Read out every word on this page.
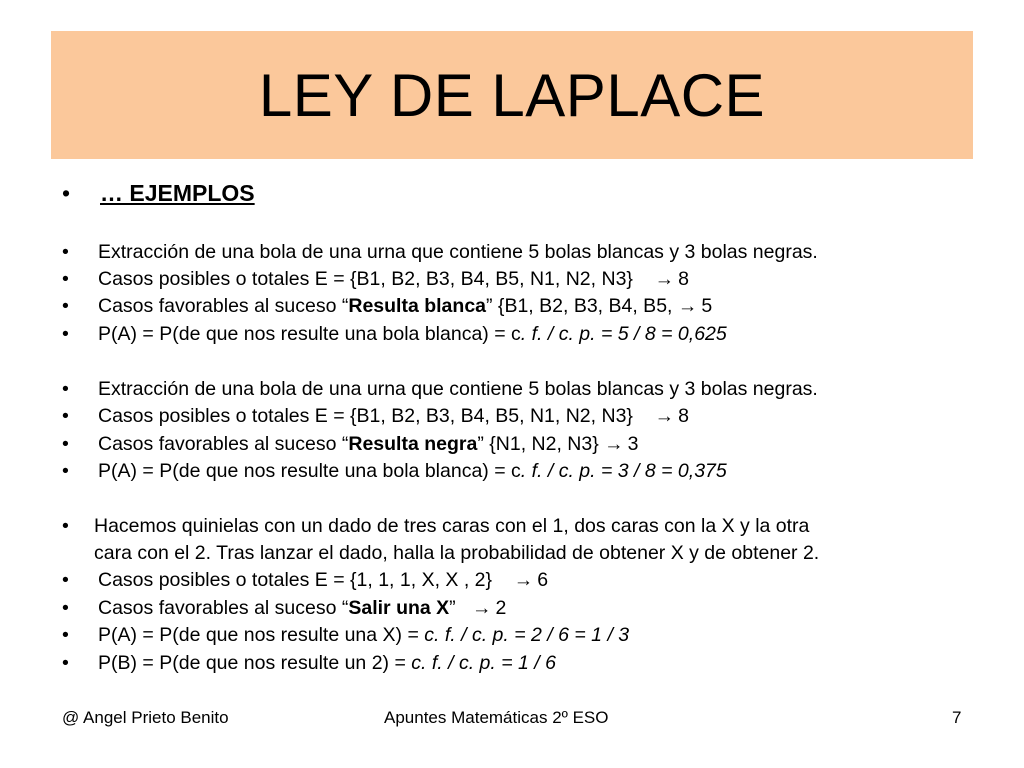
LEY DE LAPLACE
• … EJEMPLOS
• Extracción de una bola de una urna que contiene 5 bolas blancas y 3 bolas negras.
• Casos posibles o totales E = {B1, B2, B3, B4, B5, N1, N2, N3} → 8
• Casos favorables al suceso “Resulta blanca” {B1, B2, B3, B4, B5, → 5
• P(A) = P(de que nos resulte una bola blanca) = c. f. / c. p. = 5 / 8 = 0,625
• Extracción de una bola de una urna que contiene 5 bolas blancas y 3 bolas negras.
• Casos posibles o totales E = {B1, B2, B3, B4, B5, N1, N2, N3} → 8
• Casos favorables al suceso “Resulta negra” {N1, N2, N3} → 3
• P(A) = P(de que nos resulte una bola blanca) = c. f. / c. p. = 3 / 8 = 0,375
• Hacemos quinielas con un dado de tres caras con el 1, dos caras con la X y la otra
cara con el 2. Tras lanzar el dado, halla la probabilidad de obtener X y de obtener 2.
• Casos posibles o totales E = {1, 1, 1, X, X , 2} → 6
• Casos favorables al suceso “Salir una X” → 2
• P(A) = P(de que nos resulte una X) = c. f. / c. p. = 2 / 6 = 1 / 3
• P(B) = P(de que nos resulte un 2) = c. f. / c. p. = 1 / 6
@ Angel Prieto Benito	Apuntes Matemáticas 2º ESO	7
